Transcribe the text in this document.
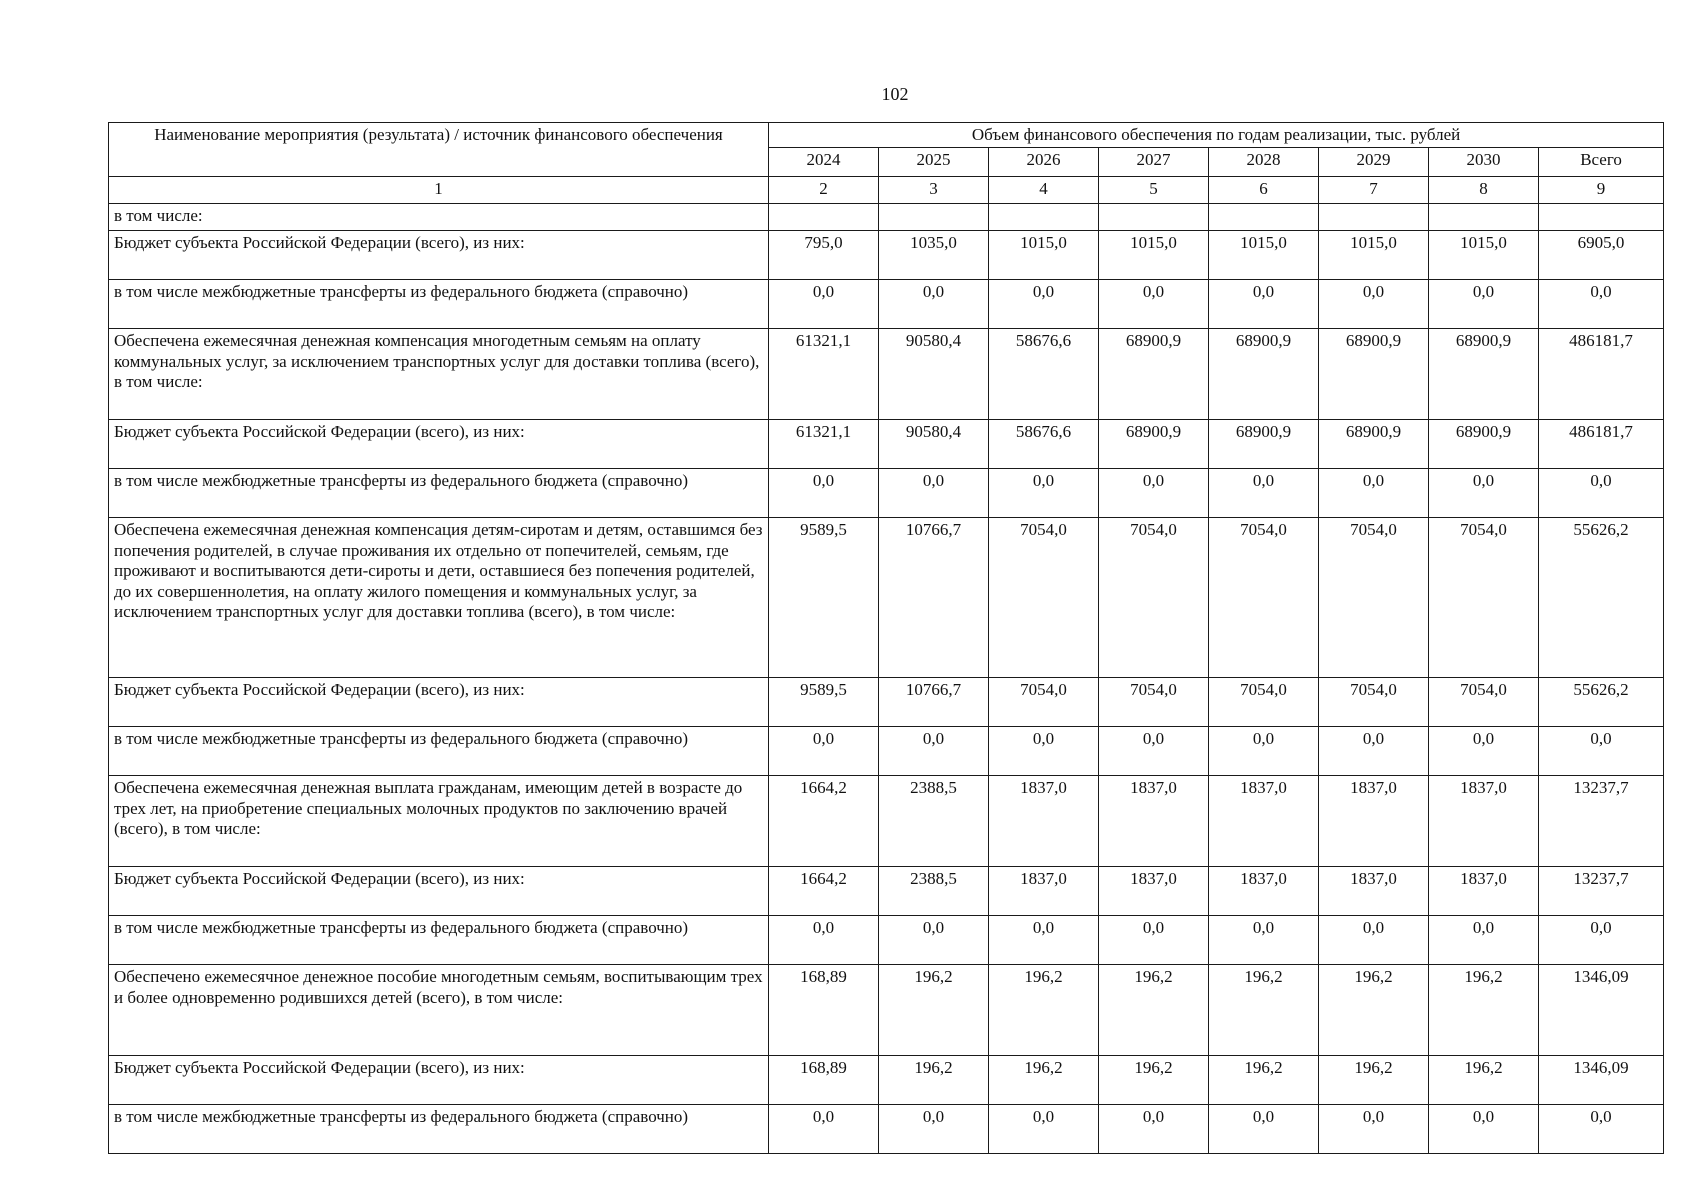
102
Наименование мероприятия (результата) / источник финансового обеспечения	Объем финансового обеспечения по годам реализации, тыс. рублей							
	2024	2025	2026	2027	2028	2029	2030	Всего
1	2	3	4	5	6	7	8	9
в том числе:								
Бюджет субъекта Российской Федерации (всего), из них:	795,0	1035,0	1015,0	1015,0	1015,0	1015,0	1015,0	6905,0
в том числе межбюджетные трансферты из федерального бюджета (справочно)	0,0	0,0	0,0	0,0	0,0	0,0	0,0	0,0
Обеспечена ежемесячная денежная компенсация многодетным семьям на оплату коммунальных услуг, за исключением транспортных услуг для доставки топлива (всего), в том числе:	61321,1	90580,4	58676,6	68900,9	68900,9	68900,9	68900,9	486181,7
Бюджет субъекта Российской Федерации (всего), из них:	61321,1	90580,4	58676,6	68900,9	68900,9	68900,9	68900,9	486181,7
в том числе межбюджетные трансферты из федерального бюджета (справочно)	0,0	0,0	0,0	0,0	0,0	0,0	0,0	0,0
Обеспечена ежемесячная денежная компенсация детям-сиротам и детям, оставшимся без попечения родителей, в случае проживания их отдельно от попечителей, семьям, где проживают и воспитываются дети-сироты и дети, оставшиеся без попечения родителей, до их совершеннолетия, на оплату жилого помещения и коммунальных услуг, за исключением транспортных услуг для доставки топлива (всего), в том числе:	9589,5	10766,7	7054,0	7054,0	7054,0	7054,0	7054,0	55626,2
Бюджет субъекта Российской Федерации (всего), из них:	9589,5	10766,7	7054,0	7054,0	7054,0	7054,0	7054,0	55626,2
в том числе межбюджетные трансферты из федерального бюджета (справочно)	0,0	0,0	0,0	0,0	0,0	0,0	0,0	0,0
Обеспечена ежемесячная денежная выплата гражданам, имеющим детей в возрасте до трех лет, на приобретение специальных молочных продуктов по заключению врачей (всего), в том числе:	1664,2	2388,5	1837,0	1837,0	1837,0	1837,0	1837,0	13237,7
Бюджет субъекта Российской Федерации (всего), из них:	1664,2	2388,5	1837,0	1837,0	1837,0	1837,0	1837,0	13237,7
в том числе межбюджетные трансферты из федерального бюджета (справочно)	0,0	0,0	0,0	0,0	0,0	0,0	0,0	0,0
Обеспечено ежемесячное денежное пособие многодетным семьям, воспитывающим трех и более одновременно родившихся детей (всего), в том числе:	168,89	196,2	196,2	196,2	196,2	196,2	196,2	1346,09
Бюджет субъекта Российской Федерации (всего), из них:	168,89	196,2	196,2	196,2	196,2	196,2	196,2	1346,09
в том числе межбюджетные трансферты из федерального бюджета (справочно)	0,0	0,0	0,0	0,0	0,0	0,0	0,0	0,0
